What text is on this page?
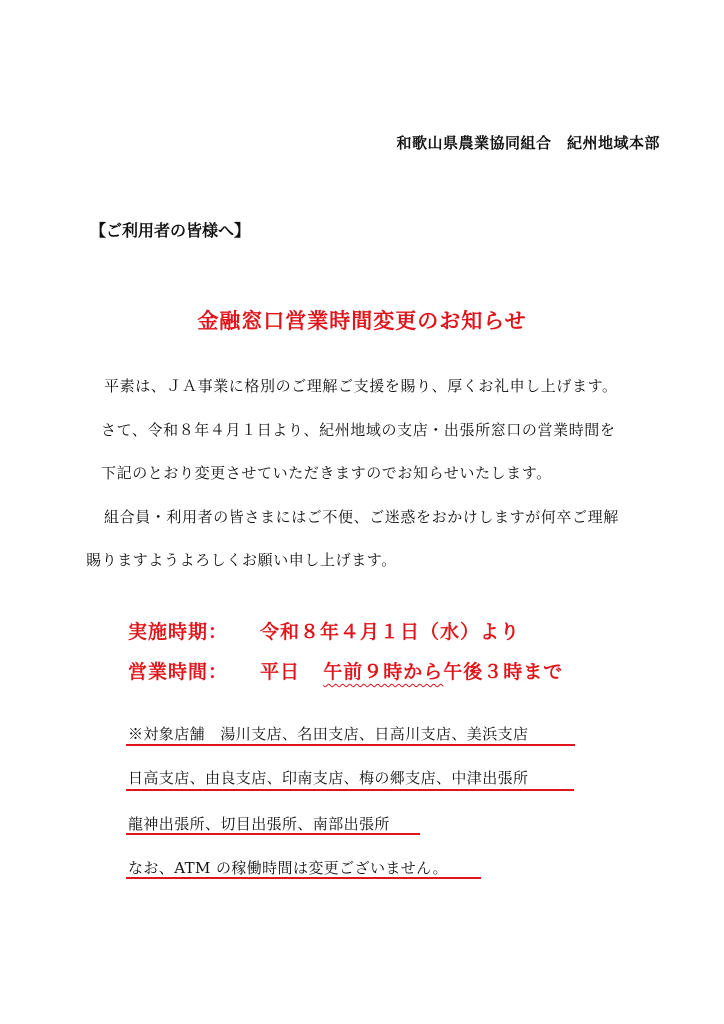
和歌山県農業協同組合　紀州地域本部
【ご利用者の皆様へ】
金融窓口営業時間変更のお知らせ
平素は、ＪＡ事業に格別のご理解ご支援を賜り、厚くお礼申し上げます。
さて、令和８年４月１日より、紀州地域の支店・出張所窓口の営業時間を
下記のとおり変更させていただきますのでお知らせいたします。
組合員・利用者の皆さまにはご不便、ご迷惑をおかけしますが何卒ご理解
賜りますようよろしくお願い申し上げます。
実施時期： 令和８年４月１日（水）より
営業時間： 平日 午前９時から午後３時まで
※対象店舗　湯川支店、名田支店、日高川支店、美浜支店
日高支店、由良支店、印南支店、梅の郷支店、中津出張所
龍神出張所、切目出張所、南部出張所
なお、ATM の稼働時間は変更ございません。
